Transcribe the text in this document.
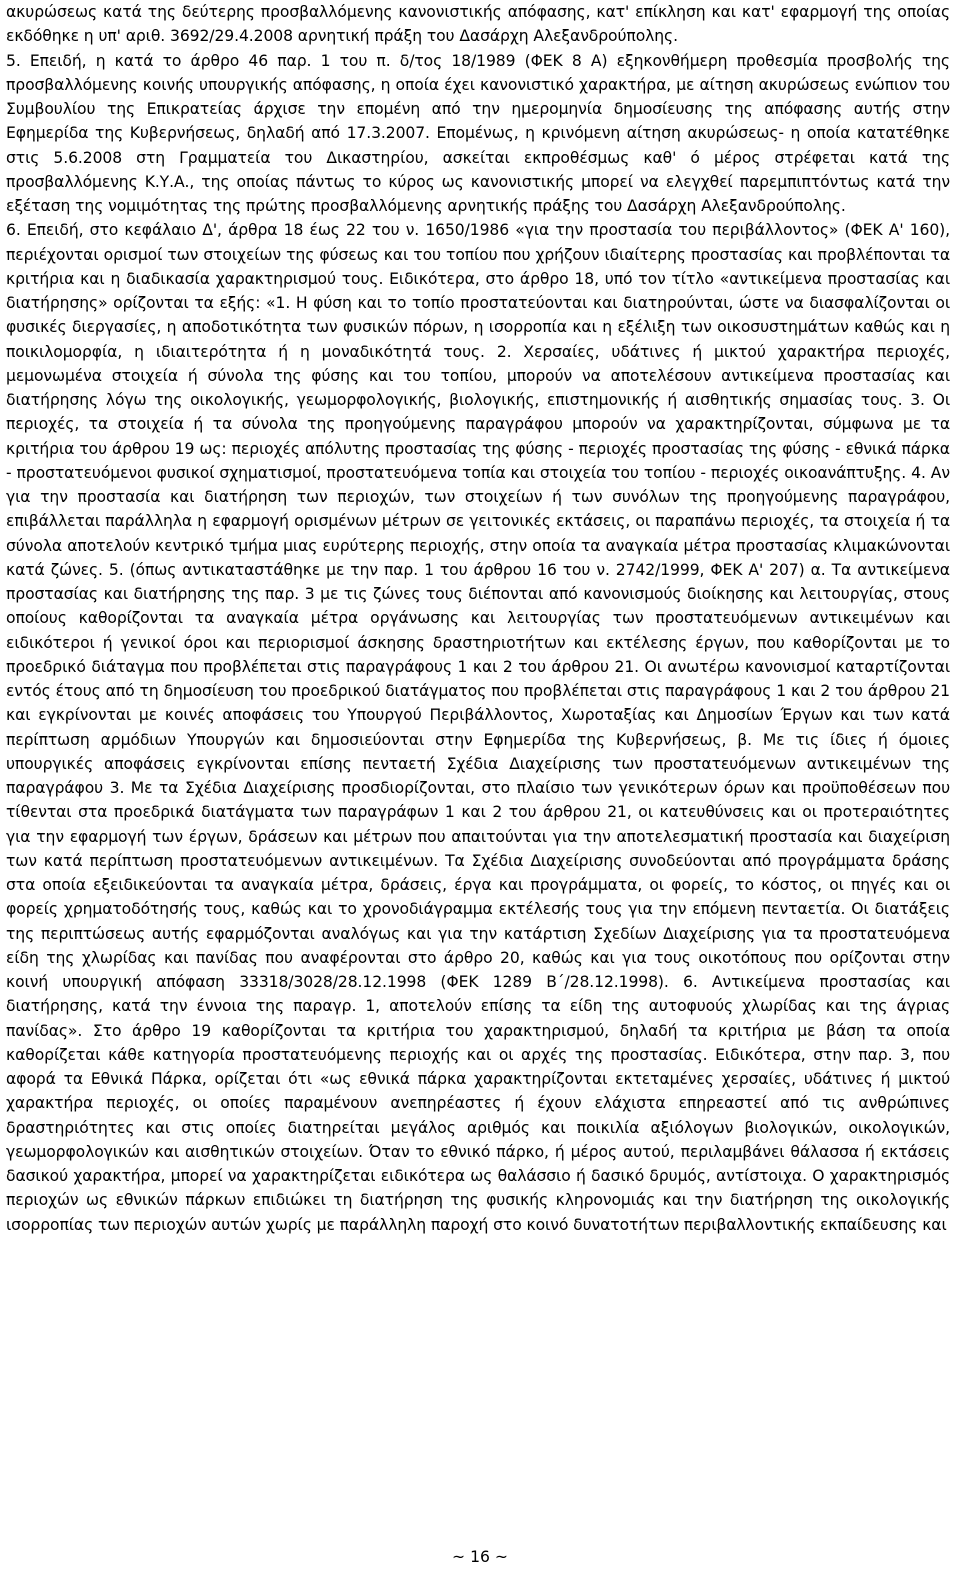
ακυρώσεως κατά της δεύτερης προσβαλλόμενης κανονιστικής απόφασης, κατ' επίκληση και κατ' εφαρμογή της οποίας εκδόθηκε η υπ' αριθ. 3692/29.4.2008 αρνητική πράξη του Δασάρχη Αλεξανδρούπολης.

5. Επειδή, η κατά το άρθρο 46 παρ. 1 του π. δ/τος 18/1989 (ΦΕΚ 8 Α) εξηκονθήμερη προθεσμία προσβολής της προσβαλλόμενης κοινής υπουργικής απόφασης, η οποία έχει κανονιστικό χαρακτήρα, με αίτηση ακυρώσεως ενώπιον του Συμβουλίου της Επικρατείας άρχισε την επομένη από την ημερομηνία δημοσίευσης της απόφασης αυτής στην Εφημερίδα της Κυβερνήσεως, δηλαδή από 17.3.2007. Επομένως, η κρινόμενη αίτηση ακυρώσεως- η οποία κατατέθηκε στις 5.6.2008 στη Γραμματεία του Δικαστηρίου, ασκείται εκπροθέσμως καθ' ό μέρος στρέφεται κατά της προσβαλλόμενης Κ.Υ.Α., της οποίας πάντως το κύρος ως κανονιστικής μπορεί να ελεγχθεί παρεμπιπτόντως κατά την εξέταση της νομιμότητας της πρώτης προσβαλλόμενης αρνητικής πράξης του Δασάρχη Αλεξανδρούπολης.

6. Επειδή, στο κεφάλαιο Δ', άρθρα 18 έως 22 του ν. 1650/1986 «για την προστασία του περιβάλλοντος» (ΦΕΚ Α' 160), περιέχονται ορισμοί των στοιχείων της φύσεως και του τοπίου που χρήζουν ιδιαίτερης προστασίας και προβλέπονται τα κριτήρια και η διαδικασία χαρακτηρισμού τους. Ειδικότερα, στο άρθρο 18, υπό τον τίτλο «αντικείμενα προστασίας και διατήρησης» ορίζονται τα εξής: «1. Η φύση και το τοπίο προστατεύονται και διατηρούνται, ώστε να διασφαλίζονται οι φυσικές διεργασίες, η αποδοτικότητα των φυσικών πόρων, η ισορροπία και η εξέλιξη των οικοσυστημάτων καθώς και η ποικιλομορφία, η ιδιαιτερότητα ή η μοναδικότητά τους. 2. Χερσαίες, υδάτινες ή μικτού χαρακτήρα περιοχές, μεμονωμένα στοιχεία ή σύνολα της φύσης και του τοπίου, μπορούν να αποτελέσουν αντικείμενα προστασίας και διατήρησης λόγω της οικολογικής, γεωμορφολογικής, βιολογικής, επιστημονικής ή αισθητικής σημασίας τους. 3. Οι περιοχές, τα στοιχεία ή τα σύνολα της προηγούμενης παραγράφου μπορούν να χαρακτηρίζονται, σύμφωνα με τα κριτήρια του άρθρου 19 ως: περιοχές απόλυτης προστασίας της φύσης - περιοχές προστασίας της φύσης - εθνικά πάρκα - προστατευόμενοι φυσικοί σχηματισμοί, προστατευόμενα τοπία και στοιχεία του τοπίου - περιοχές οικοανάπτυξης. 4. Αν για την προστασία και διατήρηση των περιοχών, των στοιχείων ή των συνόλων της προηγούμενης παραγράφου, επιβάλλεται παράλληλα η εφαρμογή ορισμένων μέτρων σε γειτονικές εκτάσεις, οι παραπάνω περιοχές, τα στοιχεία ή τα σύνολα αποτελούν κεντρικό τμήμα μιας ευρύτερης περιοχής, στην οποία τα αναγκαία μέτρα προστασίας κλιμακώνονται κατά ζώνες. 5. (όπως αντικαταστάθηκε με την παρ. 1 του άρθρου 16 του ν. 2742/1999, ΦΕΚ Α' 207) α. Τα αντικείμενα προστασίας και διατήρησης της παρ. 3 με τις ζώνες τους διέπονται από κανονισμούς διοίκησης και λειτουργίας, στους οποίους καθορίζονται τα αναγκαία μέτρα οργάνωσης και λειτουργίας των προστατευόμενων αντικειμένων και ειδικότεροι ή γενικοί όροι και περιορισμοί άσκησης δραστηριοτήτων και εκτέλεσης έργων, που καθορίζονται με το προεδρικό διάταγμα που προβλέπεται στις παραγράφους 1 και 2 του άρθρου 21. Οι ανωτέρω κανονισμοί καταρτίζονται εντός έτους από τη δημοσίευση του προεδρικού διατάγματος που προβλέπεται στις παραγράφους 1 και 2 του άρθρου 21 και εγκρίνονται με κοινές αποφάσεις του Υπουργού Περιβάλλοντος, Χωροταξίας και Δημοσίων Έργων και των κατά περίπτωση αρμόδιων Υπουργών και δημοσιεύονται στην Εφημερίδα της Κυβερνήσεως, β. Με τις ίδιες ή όμοιες υπουργικές αποφάσεις εγκρίνονται επίσης πενταετή Σχέδια Διαχείρισης των προστατευόμενων αντικειμένων της παραγράφου 3. Με τα Σχέδια Διαχείρισης προσδιορίζονται, στο πλαίσιο των γενικότερων όρων και προϋποθέσεων που τίθενται στα προεδρικά διατάγματα των παραγράφων 1 και 2 του άρθρου 21, οι κατευθύνσεις και οι προτεραιότητες για την εφαρμογή των έργων, δράσεων και μέτρων που απαιτούνται για την αποτελεσματική προστασία και διαχείριση των κατά περίπτωση προστατευόμενων αντικειμένων. Τα Σχέδια Διαχείρισης συνοδεύονται από προγράμματα δράσης στα οποία εξειδικεύονται τα αναγκαία μέτρα, δράσεις, έργα και προγράμματα, οι φορείς, το κόστος, οι πηγές και οι φορείς χρηματοδότησής τους, καθώς και το χρονοδιάγραμμα εκτέλεσής τους για την επόμενη πενταετία. Οι διατάξεις της περιπτώσεως αυτής εφαρμόζονται αναλόγως και για την κατάρτιση Σχεδίων Διαχείρισης για τα προστατευόμενα είδη της χλωρίδας και πανίδας που αναφέρονται στο άρθρο 20, καθώς και για τους οικοτόπους που ορίζονται στην κοινή υπουργική απόφαση 33318/3028/28.12.1998 (ΦΕΚ 1289 Β΄/28.12.1998). 6. Αντικείμενα προστασίας και διατήρησης, κατά την έννοια της παραγρ. 1, αποτελούν επίσης τα είδη της αυτοφυούς χλωρίδας και της άγριας πανίδας». Στο άρθρο 19 καθορίζονται τα κριτήρια του χαρακτηρισμού, δηλαδή τα κριτήρια με βάση τα οποία καθορίζεται κάθε κατηγορία προστατευόμενης περιοχής και οι αρχές της προστασίας. Ειδικότερα, στην παρ. 3, που αφορά τα Εθνικά Πάρκα, ορίζεται ότι «ως εθνικά πάρκα χαρακτηρίζονται εκτεταμένες χερσαίες, υδάτινες ή μικτού χαρακτήρα περιοχές, οι οποίες παραμένουν ανεπηρέαστες ή έχουν ελάχιστα επηρεαστεί από τις ανθρώπινες δραστηριότητες και στις οποίες διατηρείται μεγάλος αριθμός και ποικιλία αξιόλογων βιολογικών, οικολογικών, γεωμορφολογικών και αισθητικών στοιχείων. Όταν το εθνικό πάρκο, ή μέρος αυτού, περιλαμβάνει θάλασσα ή εκτάσεις δασικού χαρακτήρα, μπορεί να χαρακτηρίζεται ειδικότερα ως θαλάσσιο ή δασικό δρυμός, αντίστοιχα. Ο χαρακτηρισμός περιοχών ως εθνικών πάρκων επιδιώκει τη διατήρηση της φυσικής κληρονομιάς και την διατήρηση της οικολογικής ισορροπίας των περιοχών αυτών χωρίς με παράλληλη παροχή στο κοινό δυνατοτήτων περιβαλλοντικής εκπαίδευσης και

~ 16 ~
